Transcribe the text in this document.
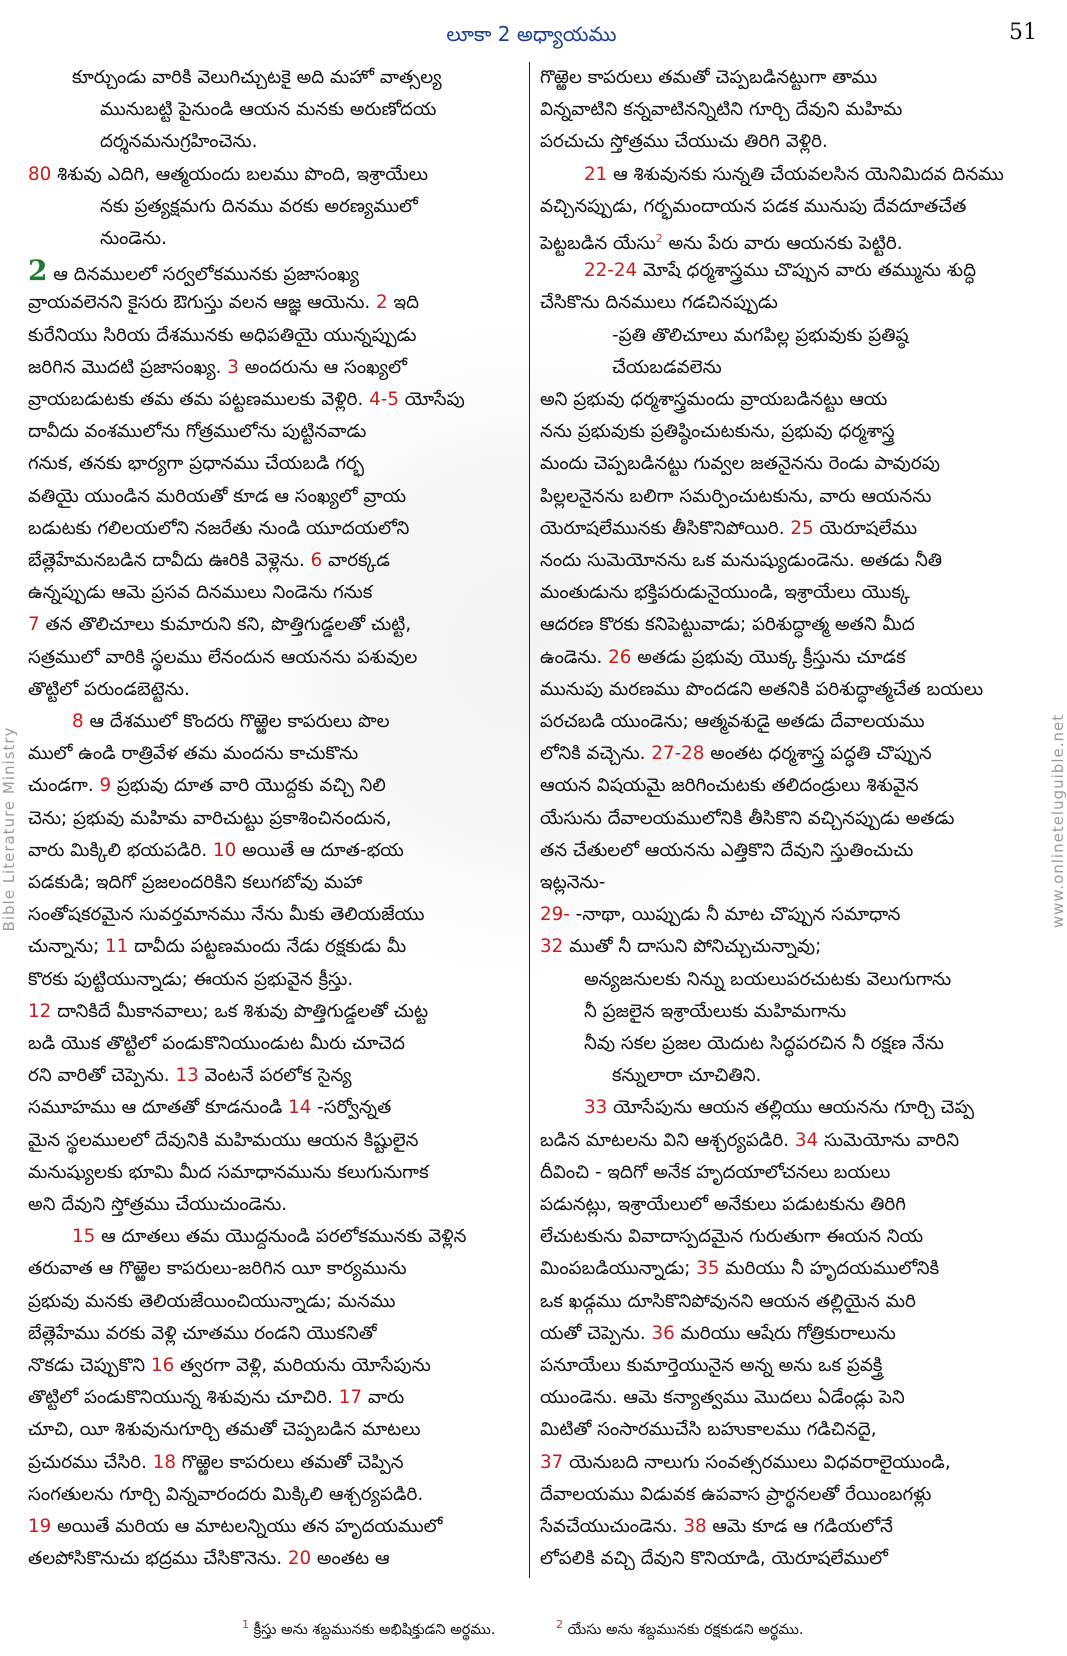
లూకా 2 అధ్యాయము	51
కూర్చుండు వారికి వెలుగిచ్చుటకై అది మహో వాత్సల్య
మునుబట్టి పైనుండి ఆయన మనకు అరుణోదయ
దర్శనమనుగ్రహించెను.
80 శిశువు ఎదిగి, ఆత్మయందు బలము పొంది, ఇశ్రాయేలు
నకు ప్రత్యక్షమగు దినము వరకు అరణ్యములో
నుండెను.
2 ఆ దినములలో సర్వలోకమునకు ప్రజాసంఖ్య
వ్రాయవలెనని కైసరు ఔగుస్తు వలన ఆజ్ఞ ఆయెను. 2 ఇది
కురేనియు సిరియ దేశమునకు అధిపతియై యున్నప్పుడు
జరిగిన మొదటి ప్రజాసంఖ్య. 3 అందరును ఆ సంఖ్యలో
వ్రాయబడుటకు తమ తమ పట్టణములకు వెళ్లిరి. 4-5 యోసేపు
దావీదు వంశములోను గోత్రములోను పుట్టినవాడు
గనుక, తనకు భార్యగా ప్రధానము చేయబడి గర్భ
వతియై యుండిన మరియతో కూడ ఆ సంఖ్యలో వ్రాయ
బడుటకు గలిలయలోని నజరేతు నుండి యూదయలోని
బేత్లెహేమనబడిన దావీదు ఊరికి వెళ్లెను. 6 వారక్కడ
ఉన్నప్పుడు ఆమె ప్రసవ దినములు నిండెను గనుక
7 తన తొలిచూలు కుమారుని కని, పొత్తిగుడ్డలతో చుట్టి,
సత్రములో వారికి స్థలము లేనందున ఆయనను పశువుల
తొట్టిలో పరుండబెట్టెను.
8 ఆ దేశములో కొందరు గొఱ్ఱెల కాపరులు పొల
ములో ఉండి రాత్రివేళ తమ మందను కాచుకొను
చుండగా. 9 ప్రభువు దూత వారి యొద్దకు వచ్చి నిలి
చెను; ప్రభువు మహిమ వారిచుట్టు ప్రకాశించినందున,
వారు మిక్కిలి భయపడిరి. 10 అయితే ఆ దూత-భయ
పడకుడి; ఇదిగో ప్రజలందరికిని కలుగబోవు మహా
సంతోషకరమైన సువర్తమానము నేను మీకు తెలియజేయు
చున్నాను; 11 దావీదు పట్టణమందు నేడు రక్షకుడు మీ
కొరకు పుట్టియున్నాడు; ఈయన ప్రభువైన క్రీస్తు.
12 దానికిదే మీకానవాలు; ఒక శిశువు పొత్తిగుడ్డలతో చుట్ట
బడి యొక తొట్టిలో పండుకొనియుండుట మీరు చూచెద
రని వారితో చెప్పెను. 13 వెంటనే పరలోక సైన్య
సమూహము ఆ దూతతో కూడనుండి 14 -సర్వోన్నత
మైన స్థలములలో దేవునికి మహిమయు ఆయన కిష్టులైన
మనుష్యులకు భూమి మీద సమాధానమును కలుగునుగాక
అని దేవుని స్తోత్రము చేయుచుండెను.
15 ఆ దూతలు తమ యొద్దనుండి పరలోకమునకు వెళ్లిన
తరువాత ఆ గొఱ్ఱెల కాపరులు-జరిగిన యీ కార్యమును
ప్రభువు మనకు తెలియజేయించియున్నాడు; మనము
బేత్లెహేము వరకు వెళ్లి చూతము రండని యొకనితో
నొకడు చెప్పుకొని 16 త్వరగా వెళ్లి, మరియను యోసేపును
తొట్టిలో పండుకొనియున్న శిశువును చూచిరి. 17 వారు
చూచి, యీ శిశువునుగూర్చి తమతో చెప్పబడిన మాటలు
ప్రచురము చేసిరి. 18 గొఱ్ఱెల కాపరులు తమతో చెప్పిన
సంగతులను గూర్చి విన్నవారందరు మిక్కిలి ఆశ్చర్యపడిరి.
19 అయితే మరియ ఆ మాటలన్నియు తన హృదయములో
తలపోసికొనుచు భద్రము చేసికొనెను. 20 అంతట ఆ
గొఱ్ఱెల కాపరులు తమతో చెప్పబడినట్టుగా తాము
విన్నవాటిని కన్నవాటినన్నిటిని గూర్చి దేవుని మహిమ
పరచుచు స్తోత్రము చేయుచు తిరిగి వెళ్లిరి.
21 ఆ శిశువునకు సున్నతి చేయవలసిన యెనిమిదవ దినము
వచ్చినప్పుడు, గర్భమందాయన పడక మునుపు దేవదూతచేత
పెట్టబడిన యేసు$^2$ అను పేరు వారు ఆయనకు పెట్టిరి.
22-24 మోషే ధర్మశాస్త్రము చొప్పున వారు తమ్మును శుద్ధి
చేసికొను దినములు గడచినప్పుడు
-ప్రతి తొలిచూలు మగపిల్ల ప్రభువుకు ప్రతిష్ఠ
చేయబడవలెను
అని ప్రభువు ధర్మశాస్త్రమందు వ్రాయబడినట్టు ఆయ
నను ప్రభువుకు ప్రతిష్ఠించుటకును, ప్రభువు ధర్మశాస్త్ర
మందు చెప్పబడినట్టు గువ్వల జతనైనను రెండు పావురపు
పిల్లలనైనను బలిగా సమర్పించుటకును, వారు ఆయనను
యెరూషలేమునకు తీసికొనిపోయిరి. 25 యెరూషలేము
నందు సుమెయోనను ఒక మనుష్యుడుండెను. అతడు నీతి
మంతుడును భక్తిపరుడునైయుండి, ఇశ్రాయేలు యొక్క
ఆదరణ కొరకు కనిపెట్టువాడు; పరిశుద్ధాత్మ అతని మీద
ఉండెను. 26 అతడు ప్రభువు యొక్క క్రీస్తును చూడక
మునుపు మరణము పొందడని అతనికి పరిశుద్ధాత్మచేత బయలు
పరచబడి యుండెను; ఆత్మవశుడై అతడు దేవాలయము
లోనికి వచ్చెను. 27-28 అంతట ధర్మశాస్త్ర పద్ధతి చొప్పున
ఆయన విషయమై జరిగించుటకు తలిదండ్రులు శిశువైన
యేసును దేవాలయములోనికి తీసికొని వచ్చినప్పుడు అతడు
తన చేతులలో ఆయనను ఎత్తికొని దేవుని స్తుతించుచు
ఇట్లనెను-
29- -నాథా, యిప్పుడు నీ మాట చొప్పున సమాధాన
32 ముతో నీ దాసుని పోనిచ్చుచున్నావు;
అన్యజనులకు నిన్ను బయలుపరచుటకు వెలుగుగాను
నీ ప్రజలైన ఇశ్రాయేలుకు మహిమగాను
నీవు సకల ప్రజల యెదుట సిద్ధపరచిన నీ రక్షణ నేను
కన్నులారా చూచితిని.
33 యోసేపును ఆయన తల్లియు ఆయనను గూర్చి చెప్ప
బడిన మాటలను విని ఆశ్చర్యపడిరి. 34 సుమెయోను వారిని
దీవించి - ఇదిగో అనేక హృదయాలోచనలు బయలు
పడునట్లు, ఇశ్రాయేలులో అనేకులు పడుటకును తిరిగి
లేచుటకును వివాదాస్పదమైన గురుతుగా ఈయన నియ
మింపబడియున్నాడు; 35 మరియు నీ హృదయములోనికి
ఒక ఖడ్గము దూసికొనిపోవునని ఆయన తల్లియైన మరి
యతో చెప్పెను. 36 మరియు ఆషేరు గోత్రికురాలును
పనూయేలు కుమార్తెయునైన అన్న అను ఒక ప్రవక్త్రి
యుండెను. ఆమె కన్యాత్వము మొదలు ఏడేండ్లు పెని
మిటితో సంసారముచేసి బహుకాలము గడిచినదై,
37 యెనుబది నాలుగు సంవత్సరములు విధవరాలైయుండి,
దేవాలయము విడువక ఉపవాస ప్రార్థనలతో రేయింబగళ్లు
సేవచేయుచుండెను. 38 ఆమె కూడ ఆ గడియలోనే
లోపలికి వచ్చి దేవుని కొనియాడి, యెరూషలేములో
Bible Literature Ministry	www.onlineteluguible.net
$^1$ క్రీస్తు అను శబ్దమునకు అభిషిక్తుడని అర్థము.	$^2$ యేసు అను శబ్దమునకు రక్షకుడని అర్థము.
